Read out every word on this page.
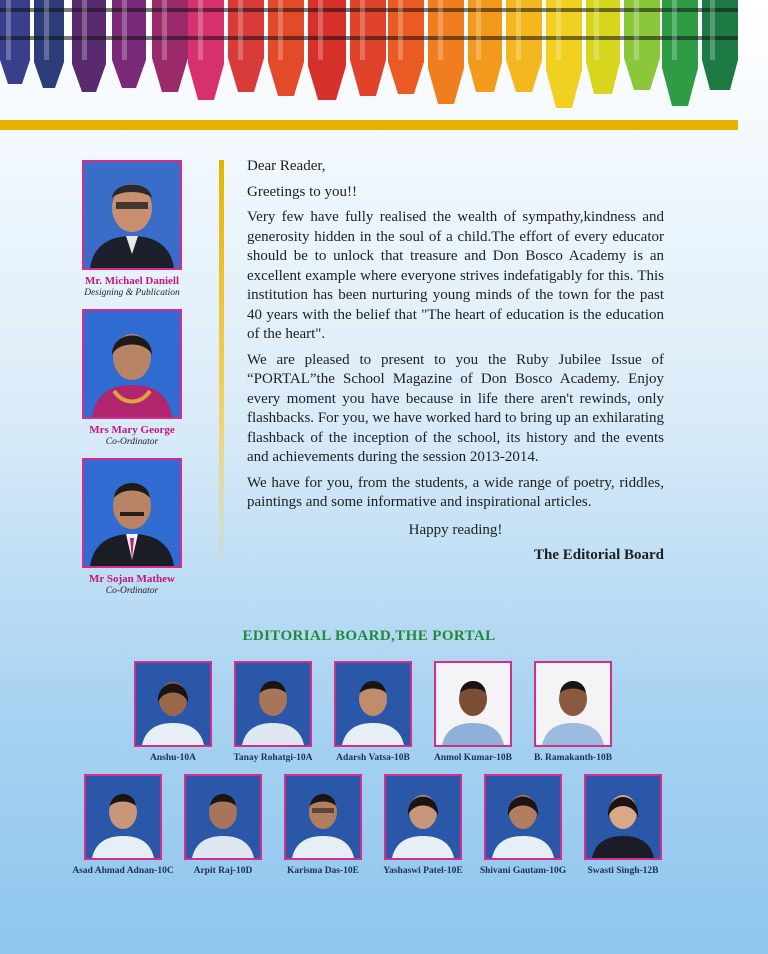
Mr. Michael Daniell
Designing & Publication
Mrs Mary George
Co-Ordinator
Mr Sojan Mathew
Co-Ordinator

Dear Reader,

Greetings to you!!

Very few have fully realised the wealth of sympathy,kindness and generosity hidden in the soul of a child.The effort of every educator should be to unlock that treasure and Don Bosco Academy is an excellent example where everyone strives indefatigably for this. This institution has been nurturing young minds of the town for the past 40 years with the belief that "The heart of education is the education of the heart".

We are pleased to present to you the Ruby Jubilee Issue of “PORTAL”the School Magazine of Don Bosco Academy. Enjoy every moment you have because in life there aren't rewinds, only flashbacks. For you, we have worked hard to bring up an exhilarating flashback of the inception of the school, its history and the events and achievements during the session 2013-2014.

We have for you, from the students, a wide range of poetry, riddles, paintings and some informative and inspirational articles.

Happy reading!

The Editorial Board

EDITORIAL BOARD,THE PORTAL
Anshu-10A	Tanay Rohatgi-10A	Adarsh Vatsa-10B	Anmol Kumar-10B	B. Ramakanth-10B
Asad Ahmad Adnan-10C	Arpit Raj-10D	Karisma Das-10E	Yashaswi Patel-10E	Shivani Gautam-10G	Swasti Singh-12B
